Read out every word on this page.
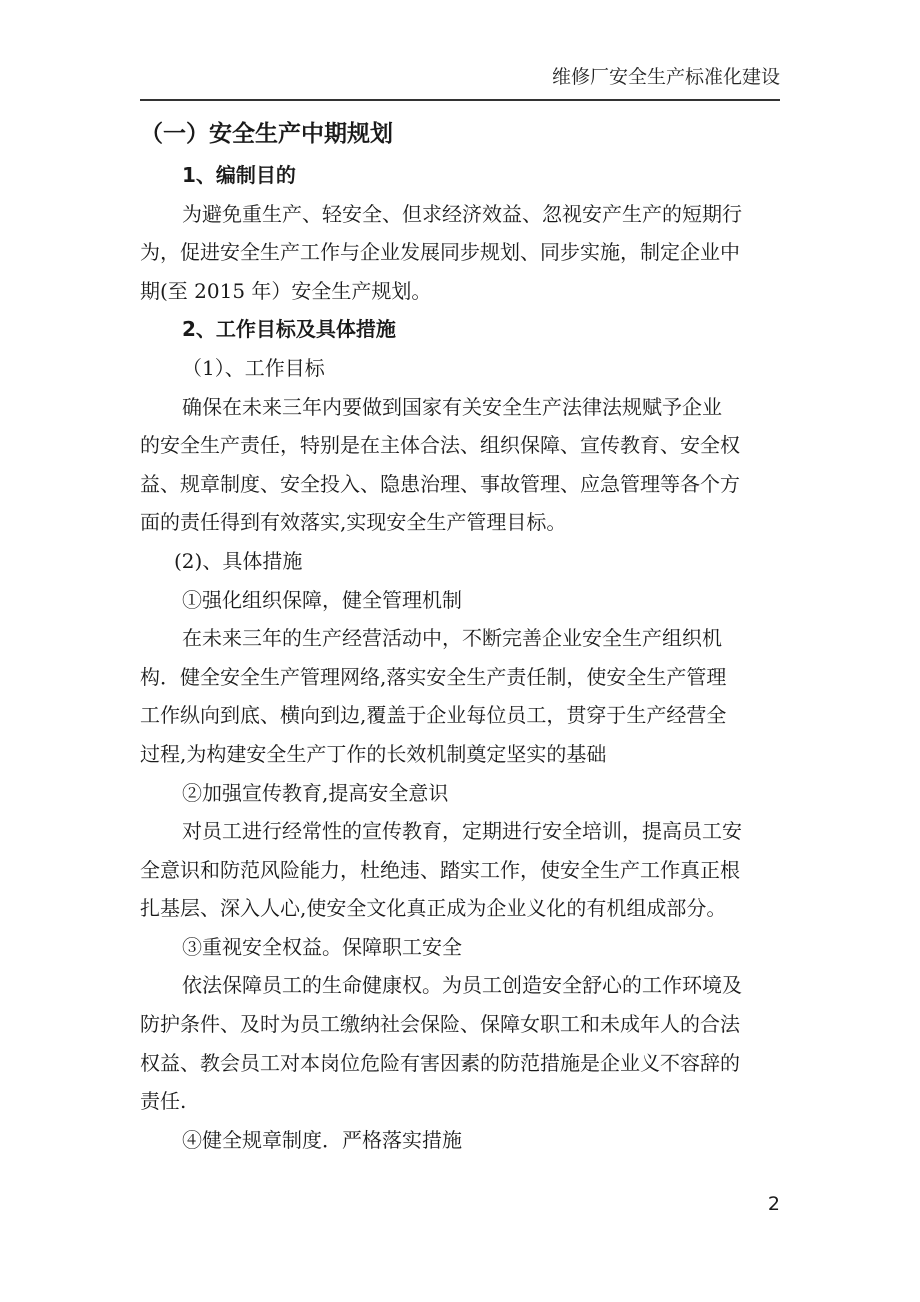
维修厂安全生产标准化建设
（一）安全生产中期规划
1、编制目的
为避免重生产、轻安全、但求经济效益、忽视安产生产的短期行
为，促进安全生产工作与企业发展同步规划、同步实施，制定企业中
期(至 2015 年）安全生产规划。
2、工作目标及具体措施
（1）、工作目标
确保在未来三年内要做到国家有关安全生产法律法规赋予企业
的安全生产责任，特别是在主体合法、组织保障、宣传教育、安全权
益、规章制度、安全投入、隐患治理、事故管理、应急管理等各个方
面的责任得到有效落实,实现安全生产管理目标。
(2)、具体措施
①强化组织保障，健全管理机制
在未来三年的生产经营活动中，不断完善企业安全生产组织机
构．健全安全生产管理网络,落实安全生产责任制，使安全生产管理
工作纵向到底、横向到边,覆盖于企业每位员工，贯穿于生产经营全
过程,为构建安全生产丁作的长效机制奠定坚实的基础
②加强宣传教育,提高安全意识
对员工进行经常性的宣传教育，定期进行安全培训，提高员工安
全意识和防范风险能力，杜绝违、踏实工作，使安全生产工作真正根
扎基层、深入人心,使安全文化真正成为企业义化的有机组成部分。
③重视安全权益。保障职工安全
依法保障员工的生命健康权。为员工创造安全舒心的工作环境及
防护条件、及时为员工缴纳社会保险、保障女职工和未成年人的合法
权益、教会员工对本岗位危险有害因素的防范措施是企业义不容辞的
责任.
④健全规章制度．严格落实措施
2
